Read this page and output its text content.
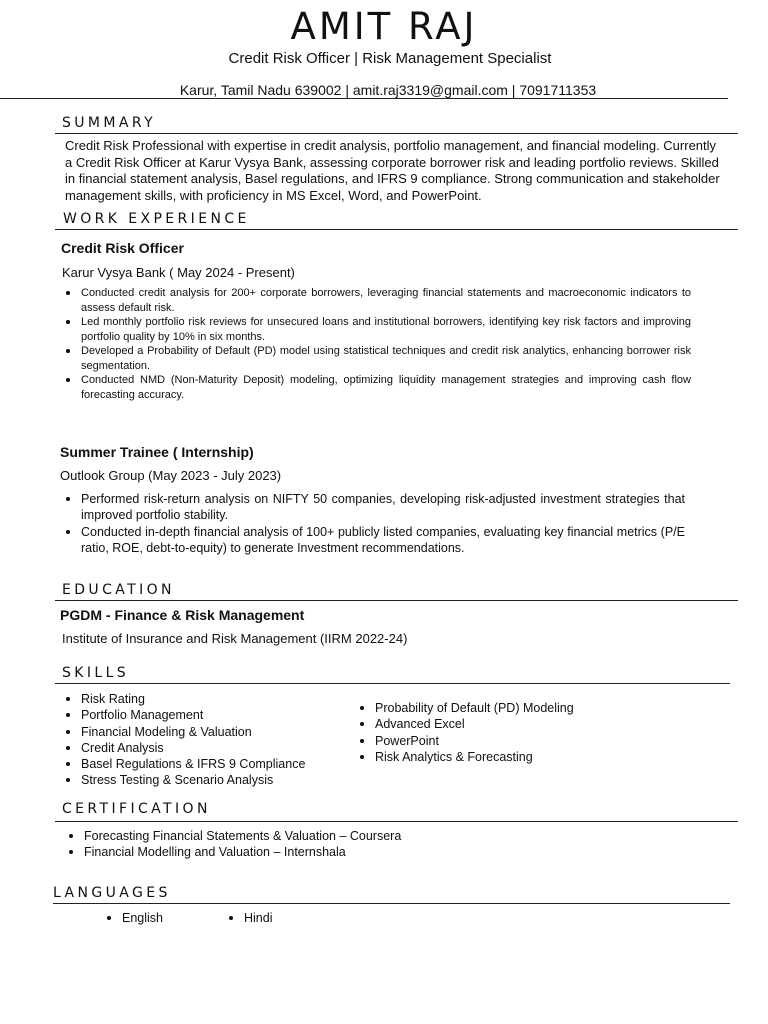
AMIT RAJ
Credit Risk Officer | Risk Management Specialist
Karur, Tamil Nadu 639002 | amit.raj3319@gmail.com | 7091711353
SUMMARY
Credit Risk Professional with expertise in credit analysis, portfolio management, and financial modeling. Currently a Credit Risk Officer at Karur Vysya Bank, assessing corporate borrower risk and leading portfolio reviews. Skilled in financial statement analysis, Basel regulations, and IFRS 9 compliance. Strong communication and stakeholder management skills, with proficiency in MS Excel, Word, and PowerPoint.
WORK EXPERIENCE
Credit Risk Officer
Karur Vysya Bank ( May 2024 - Present)
Conducted credit analysis for 200+ corporate borrowers, leveraging financial statements and macroeconomic indicators to assess default risk.
Led monthly portfolio risk reviews for unsecured loans and institutional borrowers, identifying key risk factors and improving portfolio quality by 10% in six months.
Developed a Probability of Default (PD) model using statistical techniques and credit risk analytics, enhancing borrower risk segmentation.
Conducted NMD (Non-Maturity Deposit) modeling, optimizing liquidity management strategies and improving cash flow forecasting accuracy.
Summer Trainee ( Internship)
Outlook Group (May 2023 - July 2023)
Performed risk-return analysis on NIFTY 50 companies, developing risk-adjusted investment strategies that improved portfolio stability.
Conducted in-depth financial analysis of 100+ publicly listed companies, evaluating key financial metrics (P/E ratio, ROE, debt-to-equity) to generate Investment recommendations.
EDUCATION
PGDM - Finance & Risk Management
Institute of Insurance and Risk Management (IIRM 2022-24)
SKILLS
Risk Rating
Portfolio Management
Financial Modeling & Valuation
Credit Analysis
Basel Regulations & IFRS 9 Compliance
Stress Testing & Scenario Analysis
Probability of Default (PD) Modeling
Advanced Excel
PowerPoint
Risk Analytics & Forecasting
CERTIFICATION
Forecasting Financial Statements & Valuation – Coursera
Financial Modelling and Valuation – Internshala
LANGUAGES
English	Hindi
